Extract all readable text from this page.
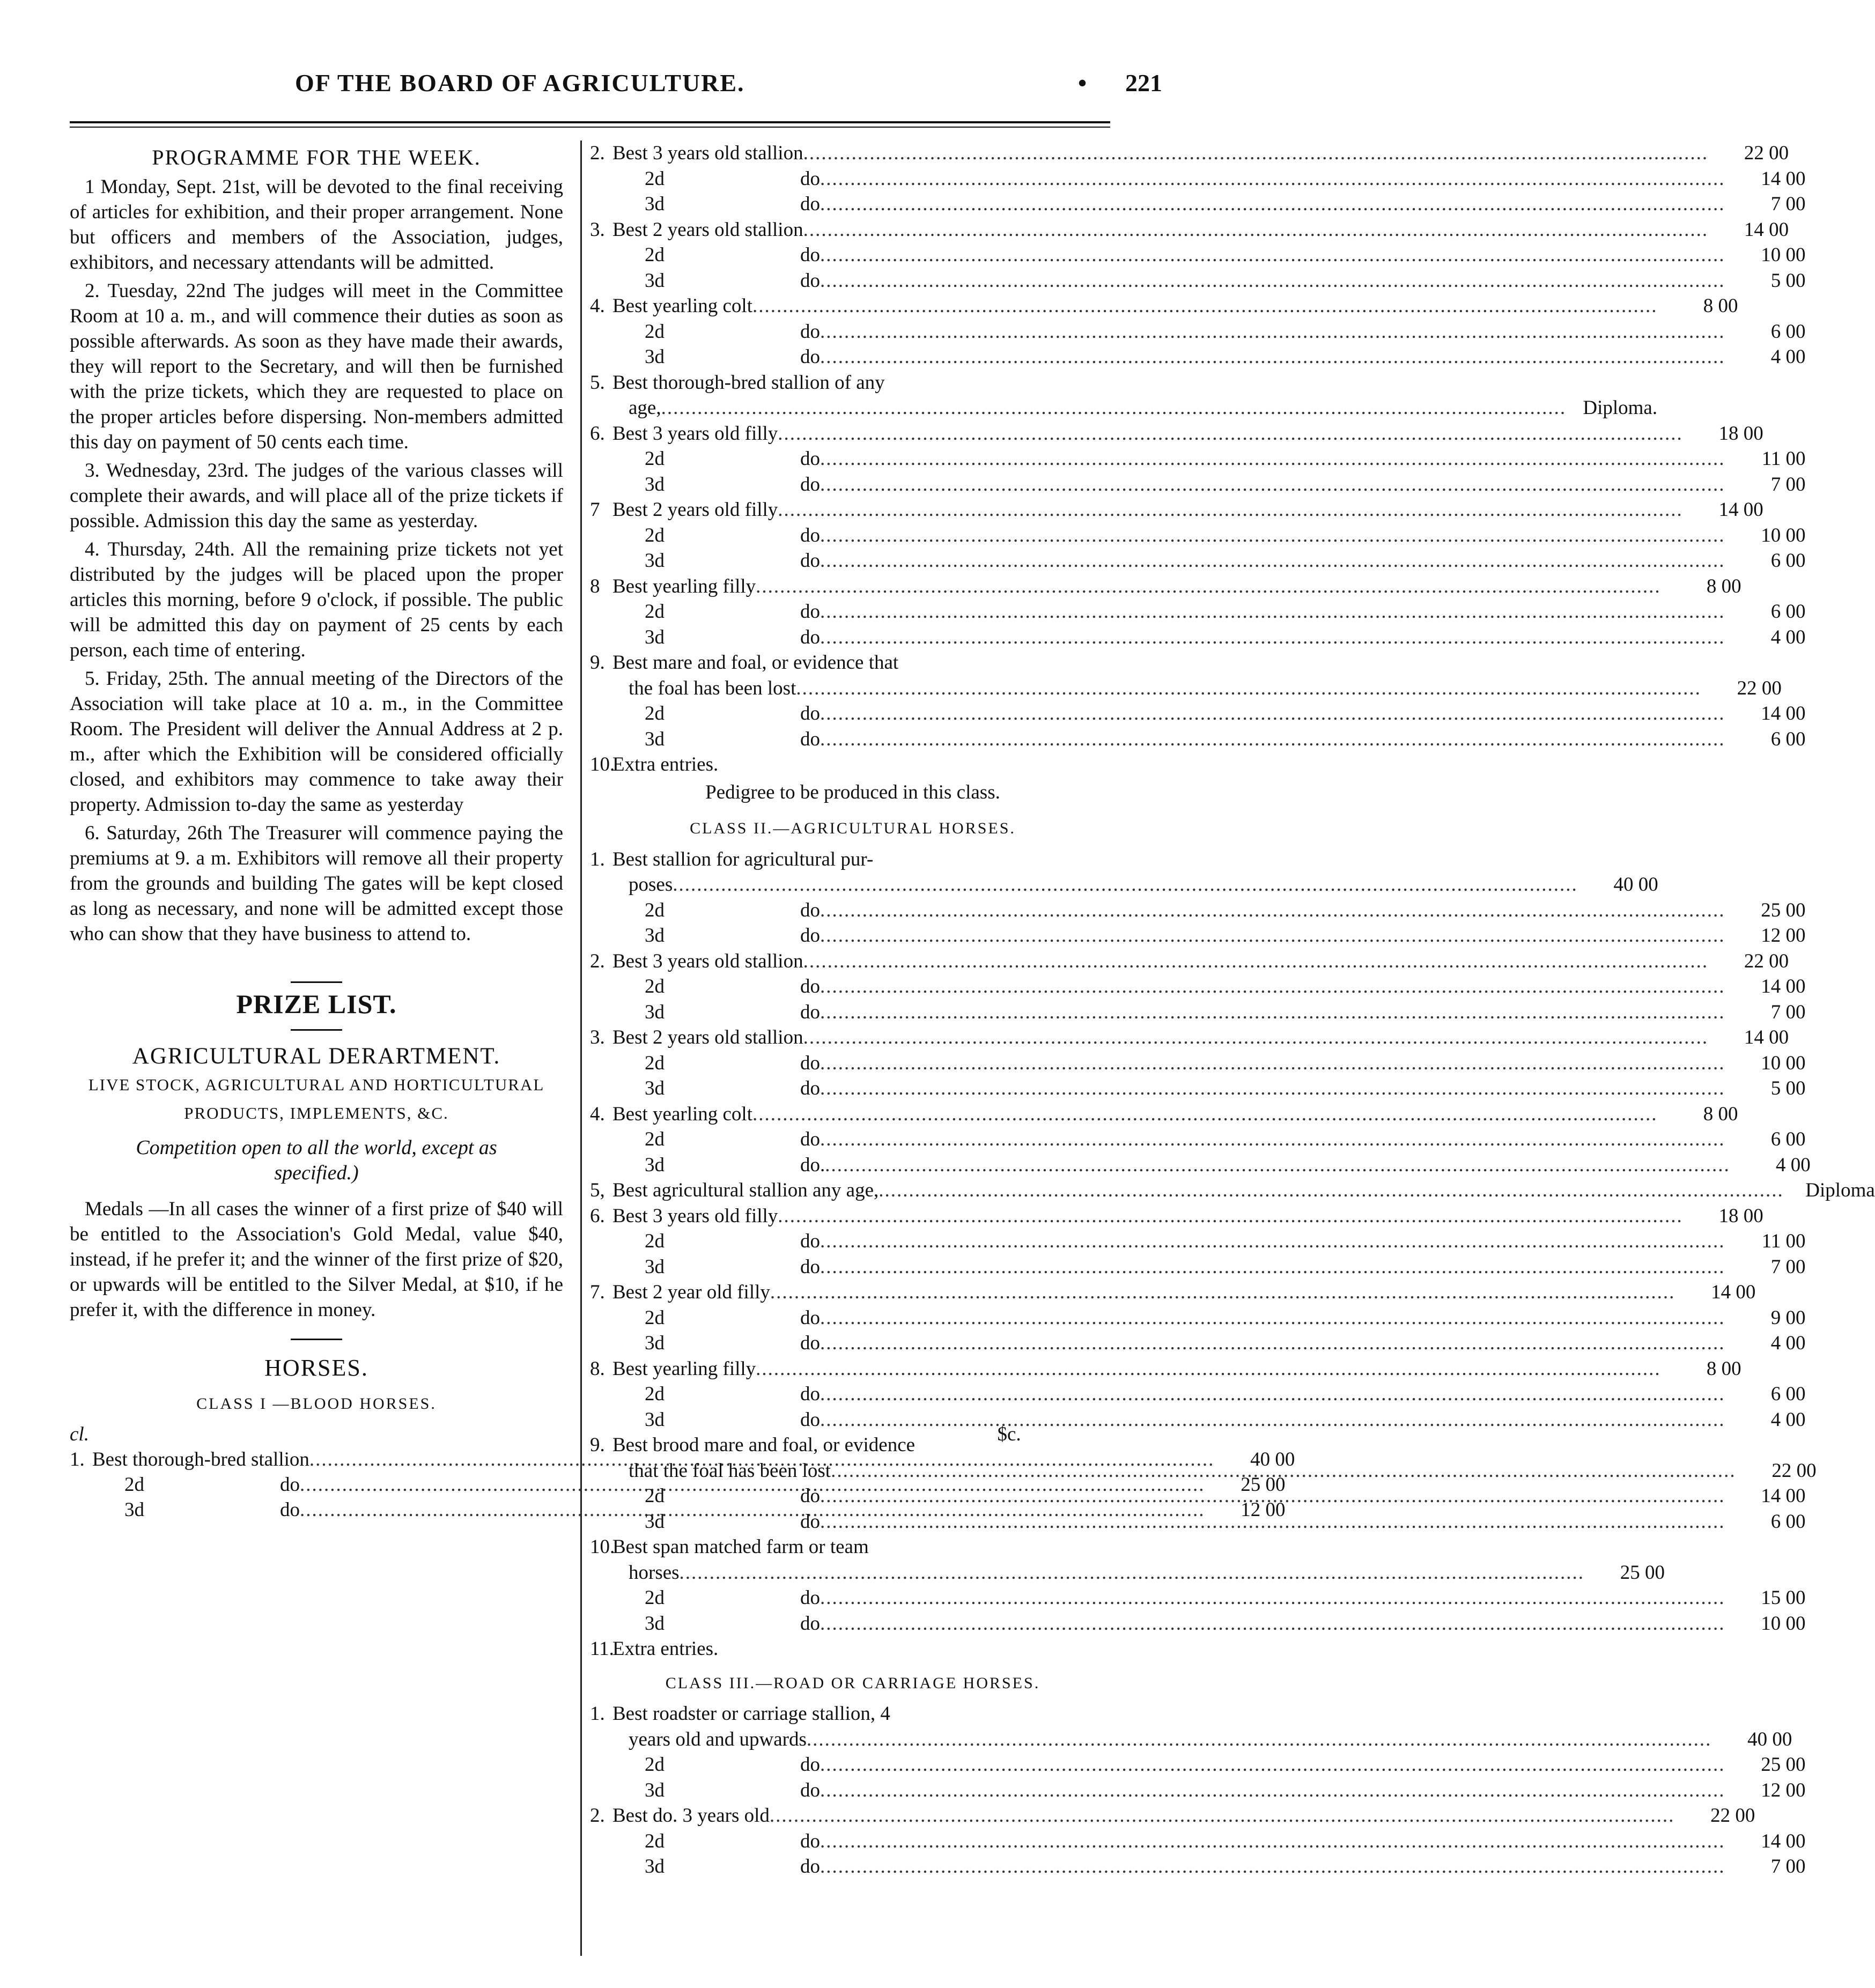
OF THE BOARD OF AGRICULTURE.	• 221
PROGRAMME FOR THE WEEK.

1 Monday, Sept. 21st, will be devoted to the final receiving of articles for exhibition, and their proper arrangement. None but officers and members of the Association, judges, exhibitors, and necessary attendants will be admitted.

2. Tuesday, 22nd The judges will meet in the Committee Room at 10 a. m., and will commence their duties as soon as possible afterwards. As soon as they have made their awards, they will report to the Secretary, and will then be furnished with the prize tickets, which they are requested to place on the proper articles before dispersing. Non-members admitted this day on payment of 50 cents each time.

3. Wednesday, 23rd. The judges of the various classes will complete their awards, and will place all of the prize tickets if possible. Admission this day the same as yesterday.

4. Thursday, 24th. All the remaining prize tickets not yet distributed by the judges will be placed upon the proper articles this morning, before 9 o'clock, if possible. The public will be admitted this day on payment of 25 cents by each person, each time of entering.

5. Friday, 25th. The annual meeting of the Directors of the Association will take place at 10 a. m., in the Committee Room. The President will deliver the Annual Address at 2 p. m., after which the Exhibition will be considered officially closed, and exhibitors may commence to take away their property. Admission to-day the same as yesterday

6. Saturday, 26th The Treasurer will commence paying the premiums at 9. a m. Exhibitors will remove all their property from the grounds and building The gates will be kept closed as long as necessary, and none will be admitted except those who can show that they have business to attend to.

PRIZE LIST.
AGRICULTURAL DERARTMENT.
LIVE STOCK, AGRICULTURAL AND HORTICULTURAL
PRODUCTS, IMPLEMENTS, &C.
Competition open to all the world, except as specified.)

Medals —In all cases the winner of a first prize of $40 will be entitled to the Association's Gold Medal, value $40, instead, if he prefer it; and the winner of the first prize of $20, or upwards will be entitled to the Silver Medal, at $10, if he prefer it, with the difference in money.

HORSES.
CLASS I —BLOOD HORSES.
cl.	$ c.
1. Best thorough-bred stallion .....	40 00
2d	do .....	25 00
3d	do .....	12 00
2. Best 3 years old stallion .....	22 00
2d	do .....	14 00
3d	do .....	7 00
3. Best 2 years old stallion .....	14 00
2d	do .....	10 00
3d	do .....	5 00
4. Best yearling colt .....	8 00
2d	do .....	6 00
3d	do .....	4 00
5. Best thorough-bred stallion of any
age, .....	Diploma.
6. Best 3 years old filly .....	18 00
2d	do .....	11 00
3d	do .....	7 00
7 Best 2 years old filly .....	14 00
2d	do .....	10 00
3d	do .....	6 00
8 Best yearling filly .....	8 00
2d	do .....	6 00
3d	do .....	4 00
9. Best mare and foal, or evidence that
the foal has been lost .....	22 00
2d	do .....	14 00
3d	do .....	6 00
10.
Extra entries.
Pedigree to be produced in this class.
CLASS II.—AGRICULTURAL HORSES.
1. Best stallion for agricultural pur-
poses .....	40 00
2d	do .....	25 00
3d	do .....	12 00
2. Best 3 years old stallion .....	22 00
2d	do .....	14 00
3d	do .....	7 00
3. Best 2 years old stallion .....	14 00
2d	do .....	10 00
3d	do .....	5 00
4. Best yearling colt .....	8 00
2d	do .....	6 00
3d	do. .....	4 00
5, Best agricultural stallion any age, .....	Diploma
6. Best 3 years old filly .....	18 00
2d	do .....	11 00
3d	do .....	7 00
7. Best 2 year old filly .....	14 00
2d	do .....	9 00
3d	do .....	4 00
8. Best yearling filly .....	8 00
2d	do .....	6 00
3d	do .....	4 00
9. Best brood mare and foal, or evidence
that the foal has been lost .....	22 00
2d	do .....	14 00
3d	do .....	6 00
10.
Best span matched farm or team
horses .....	25 00
2d	do .....	15 00
3d	do .....	10 00
11.
Extra entries.
CLASS III.—ROAD OR CARRIAGE HORSES.
1. Best roadster or carriage stallion, 4
years old and upwards .....	40 00
2d	do .....	25 00
3d	do .....	12 00
2. Best do. 3 years old .....	22 00
2d	do .....	14 00
3d	do .....	7 00
